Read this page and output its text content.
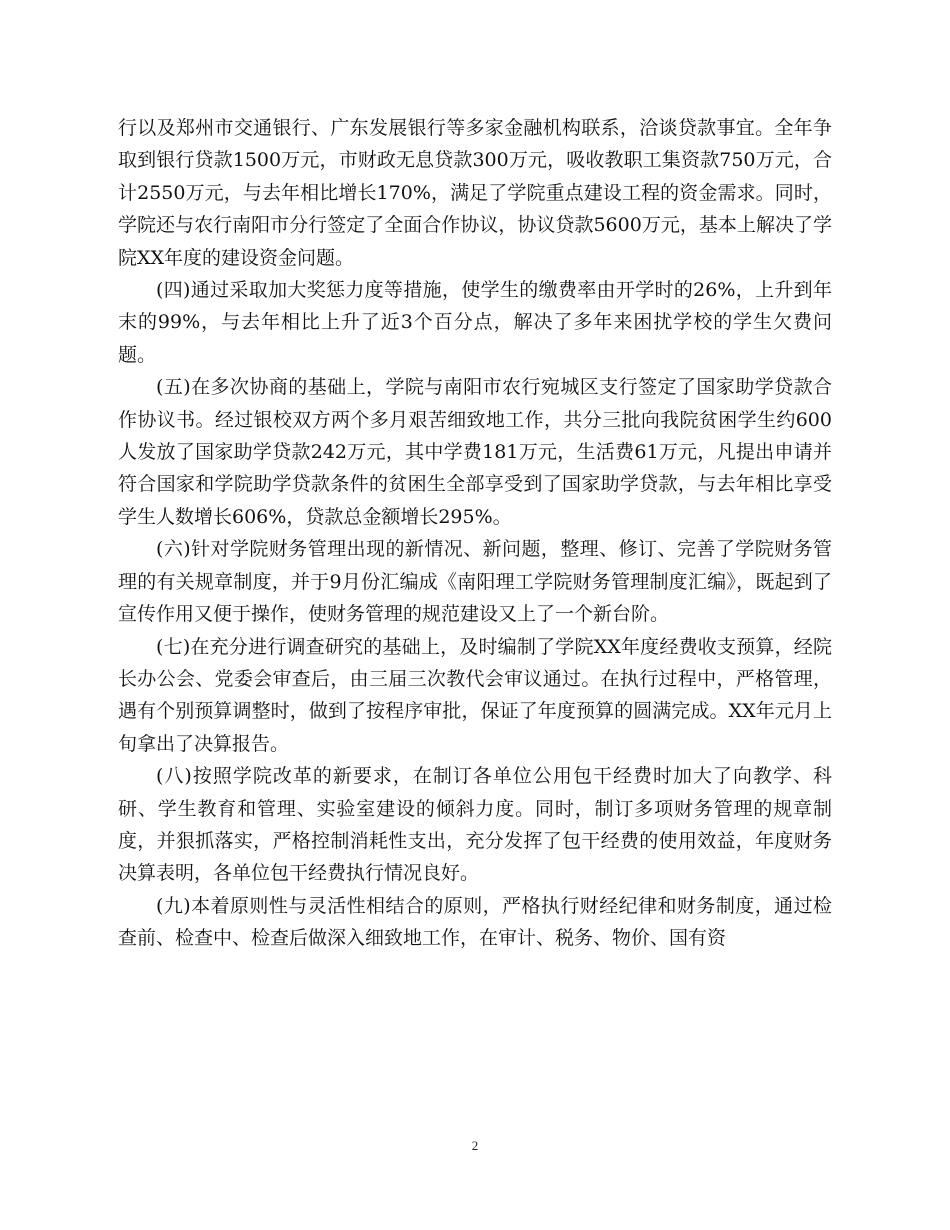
行以及郑州市交通银行、广东发展银行等多家金融机构联系，洽谈贷款事宜。全年争取到银行贷款1500万元，市财政无息贷款300万元，吸收教职工集资款750万元，合计2550万元，与去年相比增长170%，满足了学院重点建设工程的资金需求。同时，学院还与农行南阳市分行签定了全面合作协议，协议贷款5600万元，基本上解决了学院XX年度的建设资金问题。

(四)通过采取加大奖惩力度等措施，使学生的缴费率由开学时的26%，上升到年末的99%，与去年相比上升了近3个百分点，解决了多年来困扰学校的学生欠费问题。

(五)在多次协商的基础上，学院与南阳市农行宛城区支行签定了国家助学贷款合作协议书。经过银校双方两个多月艰苦细致地工作，共分三批向我院贫困学生约600人发放了国家助学贷款242万元，其中学费181万元，生活费61万元，凡提出申请并符合国家和学院助学贷款条件的贫困生全部享受到了国家助学贷款，与去年相比享受学生人数增长606%，贷款总金额增长295%。

(六)针对学院财务管理出现的新情况、新问题，整理、修订、完善了学院财务管理的有关规章制度，并于9月份汇编成《南阳理工学院财务管理制度汇编》，既起到了宣传作用又便于操作，使财务管理的规范建设又上了一个新台阶。

(七)在充分进行调查研究的基础上，及时编制了学院XX年度经费收支预算，经院长办公会、党委会审查后，由三届三次教代会审议通过。在执行过程中，严格管理，遇有个别预算调整时，做到了按程序审批，保证了年度预算的圆满完成。XX年元月上旬拿出了决算报告。

(八)按照学院改革的新要求，在制订各单位公用包干经费时加大了向教学、科研、学生教育和管理、实验室建设的倾斜力度。同时，制订多项财务管理的规章制度，并狠抓落实，严格控制消耗性支出，充分发挥了包干经费的使用效益，年度财务决算表明，各单位包干经费执行情况良好。

(九)本着原则性与灵活性相结合的原则，严格执行财经纪律和财务制度，通过检查前、检查中、检查后做深入细致地工作，在审计、税务、物价、国有资

2
